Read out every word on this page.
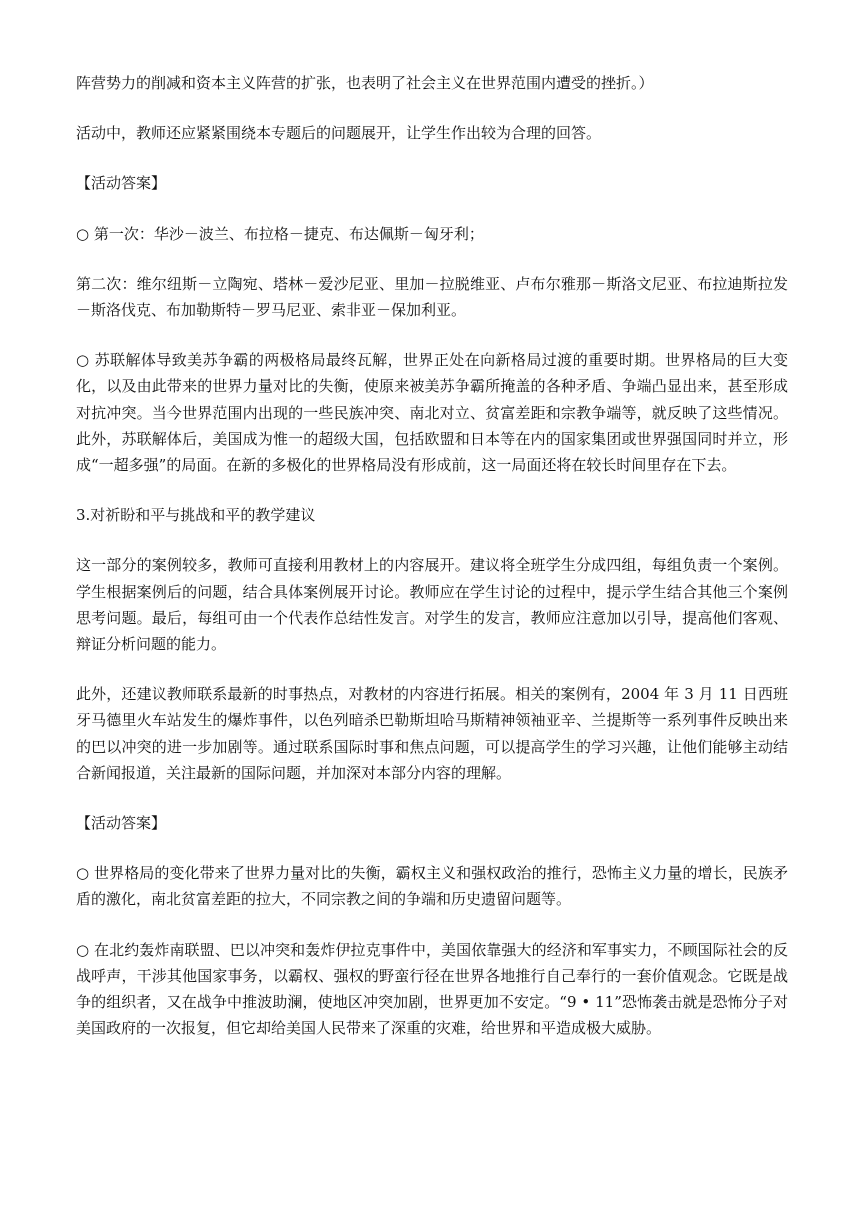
阵营势力的削减和资本主义阵营的扩张，也表明了社会主义在世界范围内遭受的挫折。）

活动中，教师还应紧紧围绕本专题后的问题展开，让学生作出较为合理的回答。

【活动答案】

○ 第一次：华沙－波兰、布拉格－捷克、布达佩斯－匈牙利；

第二次：维尔纽斯－立陶宛、塔林－爱沙尼亚、里加－拉脱维亚、卢布尔雅那－斯洛文尼亚、布拉迪斯拉发－斯洛伐克、布加勒斯特－罗马尼亚、索非亚－保加利亚。

○ 苏联解体导致美苏争霸的两极格局最终瓦解，世界正处在向新格局过渡的重要时期。世界格局的巨大变化，以及由此带来的世界力量对比的失衡，使原来被美苏争霸所掩盖的各种矛盾、争端凸显出来，甚至形成对抗冲突。当今世界范围内出现的一些民族冲突、南北对立、贫富差距和宗教争端等，就反映了这些情况。此外，苏联解体后，美国成为惟一的超级大国，包括欧盟和日本等在内的国家集团或世界强国同时并立，形成“一超多强”的局面。在新的多极化的世界格局没有形成前，这一局面还将在较长时间里存在下去。

3.对祈盼和平与挑战和平的教学建议

这一部分的案例较多，教师可直接利用教材上的内容展开。建议将全班学生分成四组，每组负责一个案例。学生根据案例后的问题，结合具体案例展开讨论。教师应在学生讨论的过程中，提示学生结合其他三个案例思考问题。最后，每组可由一个代表作总结性发言。对学生的发言，教师应注意加以引导，提高他们客观、辩证分析问题的能力。

此外，还建议教师联系最新的时事热点，对教材的内容进行拓展。相关的案例有，2004 年 3 月 11 日西班牙马德里火车站发生的爆炸事件，以色列暗杀巴勒斯坦哈马斯精神领袖亚辛、兰提斯等一系列事件反映出来的巴以冲突的进一步加剧等。通过联系国际时事和焦点问题，可以提高学生的学习兴趣，让他们能够主动结合新闻报道，关注最新的国际问题，并加深对本部分内容的理解。

【活动答案】

○ 世界格局的变化带来了世界力量对比的失衡，霸权主义和强权政治的推行，恐怖主义力量的增长，民族矛盾的激化，南北贫富差距的拉大，不同宗教之间的争端和历史遗留问题等。

○ 在北约轰炸南联盟、巴以冲突和轰炸伊拉克事件中，美国依靠强大的经济和军事实力，不顾国际社会的反战呼声，干涉其他国家事务，以霸权、强权的野蛮行径在世界各地推行自己奉行的一套价值观念。它既是战争的组织者，又在战争中推波助澜，使地区冲突加剧，世界更加不安定。“9 • 11”恐怖袭击就是恐怖分子对美国政府的一次报复，但它却给美国人民带来了深重的灾难，给世界和平造成极大威胁。
